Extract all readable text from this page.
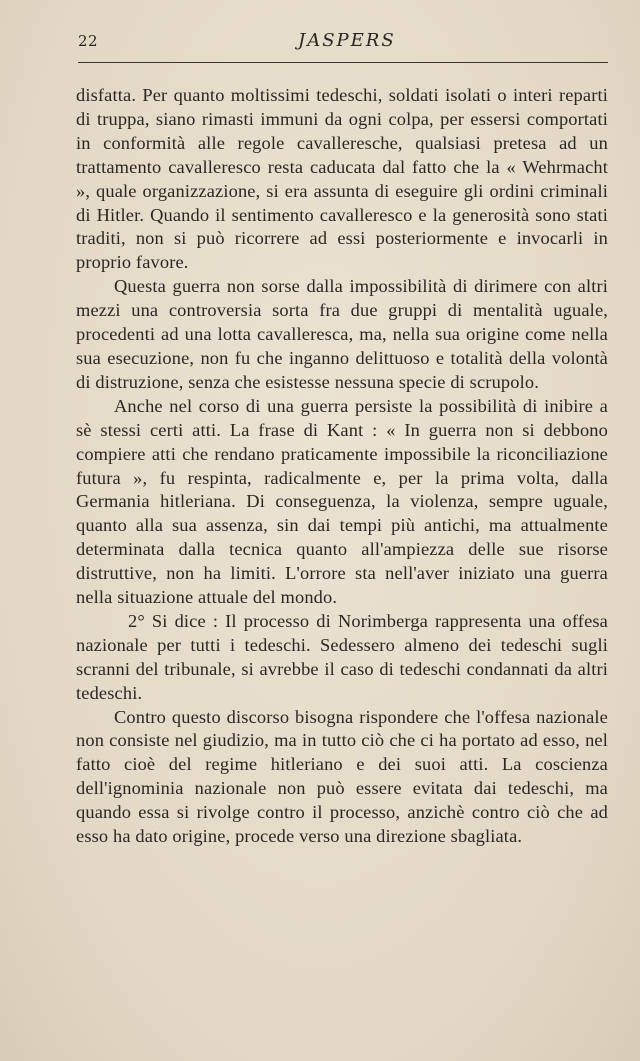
22	JASPERS

disfatta. Per quanto moltissimi tedeschi, soldati isolati o interi reparti di truppa, siano rimasti immuni da ogni colpa, per essersi comportati in conformità alle regole cavalleresche, qualsiasi pretesa ad un trattamento cavalleresco resta caducata dal fatto che la « Wehrmacht », quale organizzazione, si era assunta di eseguire gli ordini criminali di Hitler. Quando il sentimento cavalleresco e la generosità sono stati traditi, non si può ricorrere ad essi posteriormente e invocarli in proprio favore.

Questa guerra non sorse dalla impossibilità di dirimere con altri mezzi una controversia sorta fra due gruppi di mentalità uguale, procedenti ad una lotta cavalleresca, ma, nella sua origine come nella sua esecuzione, non fu che inganno delittuoso e totalità della volontà di distruzione, senza che esistesse nessuna specie di scrupolo.

Anche nel corso di una guerra persiste la possibilità di inibire a sè stessi certi atti. La frase di Kant : « In guerra non si debbono compiere atti che rendano praticamente impossibile la riconciliazione futura », fu respinta, radicalmente e, per la prima volta, dalla Germania hitleriana. Di conseguenza, la violenza, sempre uguale, quanto alla sua assenza, sin dai tempi più antichi, ma attualmente determinata dalla tecnica quanto all'ampiezza delle sue risorse distruttive, non ha limiti. L'orrore sta nell'aver iniziato una guerra nella situazione attuale del mondo.

2° Si dice : Il processo di Norimberga rappresenta una offesa nazionale per tutti i tedeschi. Sedessero almeno dei tedeschi sugli scranni del tribunale, si avrebbe il caso di tedeschi condannati da altri tedeschi.

Contro questo discorso bisogna rispondere che l'offesa nazionale non consiste nel giudizio, ma in tutto ciò che ci ha portato ad esso, nel fatto cioè del regime hitleriano e dei suoi atti. La coscienza dell'ignominia nazionale non può essere evitata dai tedeschi, ma quando essa si rivolge contro il processo, anzichè contro ciò che ad esso ha dato origine, procede verso una direzione sbagliata.
